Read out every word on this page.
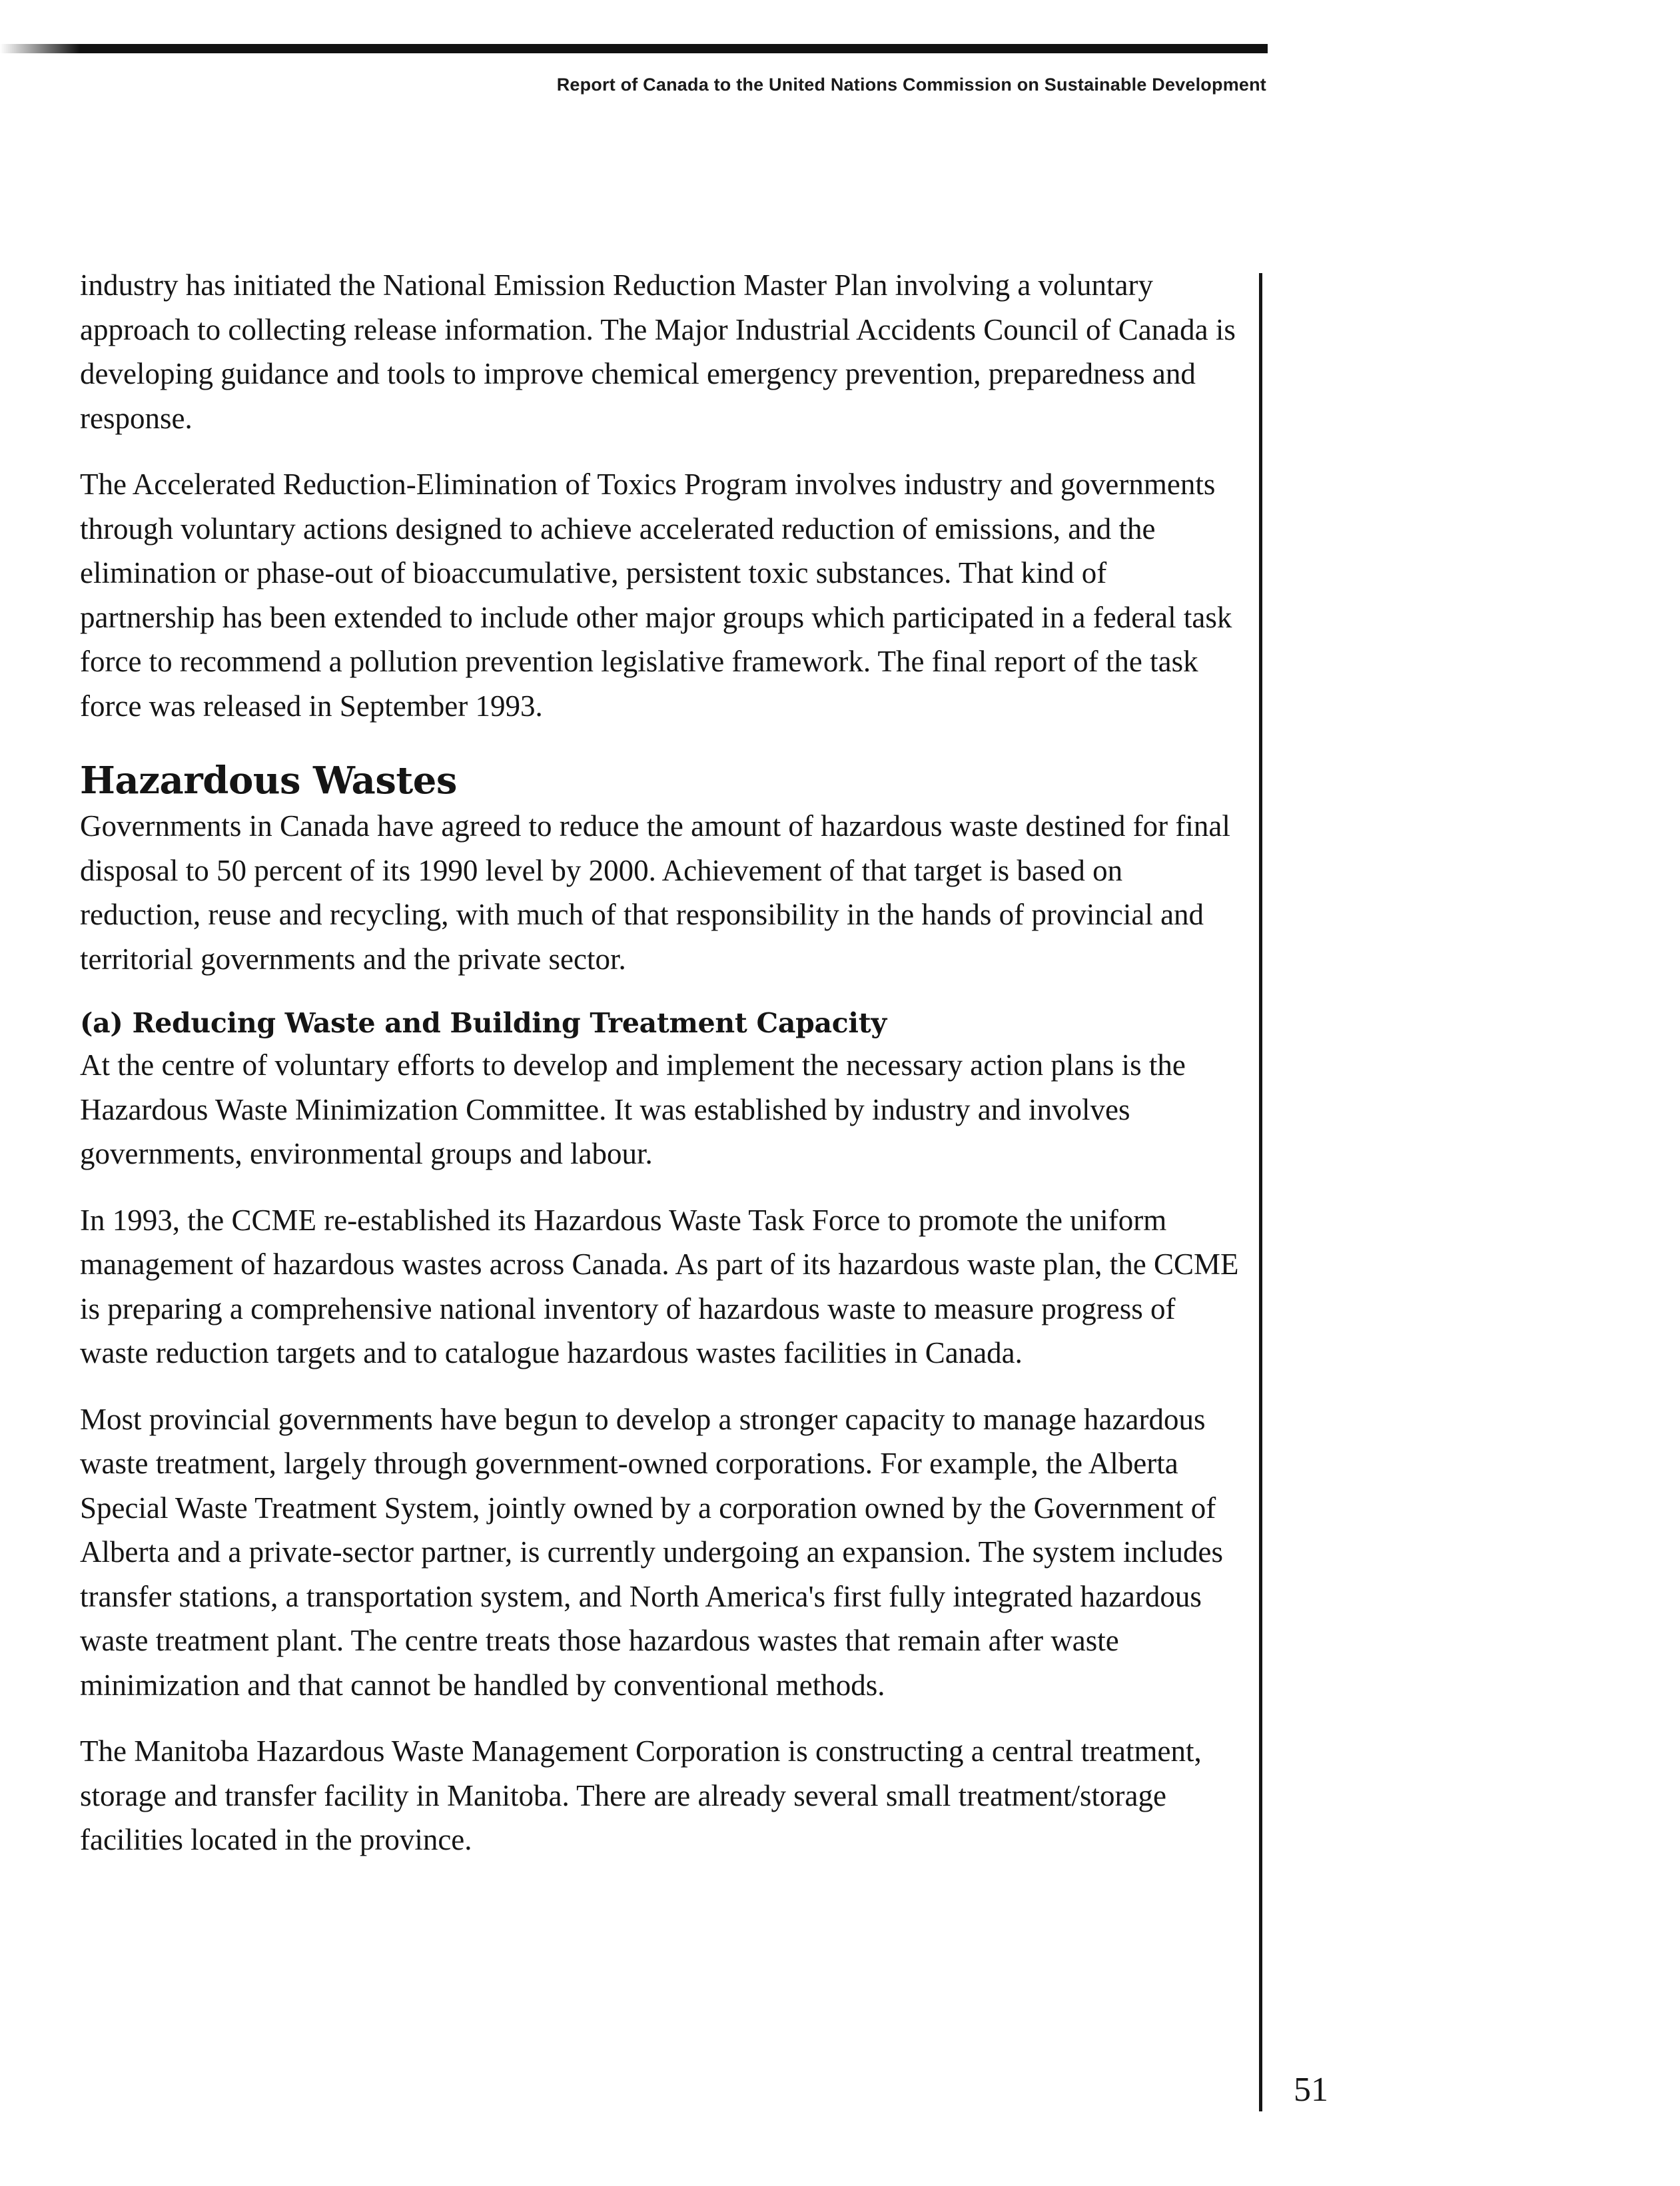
Report of Canada to the United Nations Commission on Sustainable Development

industry has initiated the National Emission Reduction Master Plan involving a voluntary approach to collecting release information. The Major Industrial Accidents Council of Canada is developing guidance and tools to improve chemical emergency prevention, preparedness and response.

The Accelerated Reduction-Elimination of Toxics Program involves industry and governments through voluntary actions designed to achieve accelerated reduction of emissions, and the elimination or phase-out of bioaccumulative, persistent toxic substances. That kind of partnership has been extended to include other major groups which participated in a federal task force to recommend a pollution prevention legislative framework. The final report of the task force was released in September 1993.

Hazardous Wastes

Governments in Canada have agreed to reduce the amount of hazardous waste destined for final disposal to 50 percent of its 1990 level by 2000. Achievement of that target is based on reduction, reuse and recycling, with much of that responsibility in the hands of provincial and territorial governments and the private sector.

(a) Reducing Waste and Building Treatment Capacity

At the centre of voluntary efforts to develop and implement the necessary action plans is the Hazardous Waste Minimization Committee. It was established by industry and involves governments, environmental groups and labour.

In 1993, the CCME re-established its Hazardous Waste Task Force to promote the uniform management of hazardous wastes across Canada. As part of its hazardous waste plan, the CCME is preparing a comprehensive national inventory of hazardous waste to measure progress of waste reduction targets and to catalogue hazardous wastes facilities in Canada.

Most provincial governments have begun to develop a stronger capacity to manage hazardous waste treatment, largely through government-owned corporations. For example, the Alberta Special Waste Treatment System, jointly owned by a corporation owned by the Government of Alberta and a private-sector partner, is currently undergoing an expansion. The system includes transfer stations, a transportation system, and North America's first fully integrated hazardous waste treatment plant. The centre treats those hazardous wastes that remain after waste minimization and that cannot be handled by conventional methods.

The Manitoba Hazardous Waste Management Corporation is constructing a central treatment, storage and transfer facility in Manitoba. There are already several small treatment/storage facilities located in the province.

51
